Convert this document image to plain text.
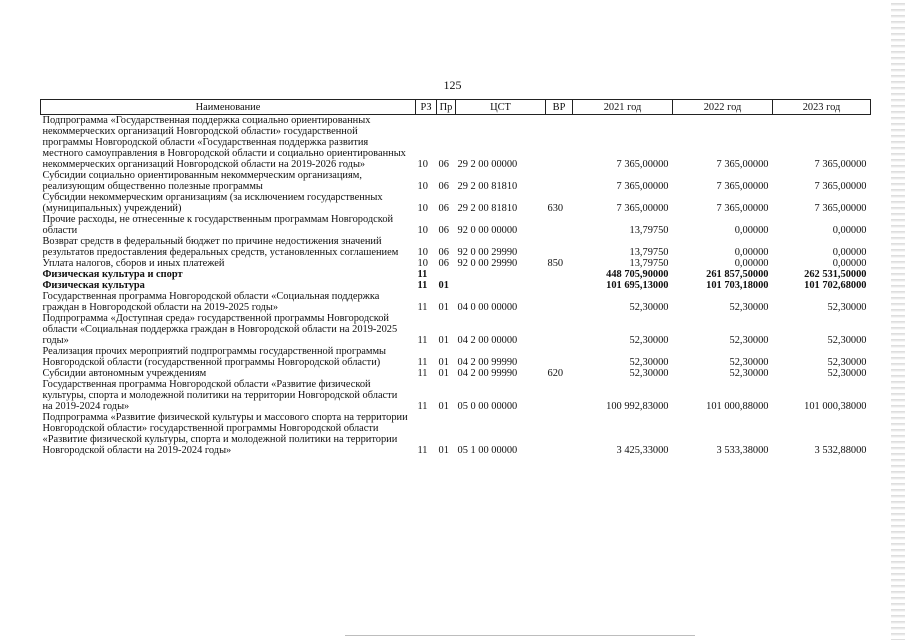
125
Наименование	РЗ	Пр	ЦСТ	ВР	2021 год	2022 год	2023 год
Подпрограмма «Государственная поддержка социально ориентированных некоммерческих организаций Новгородской области» государственной программы Новгородской области «Государственная поддержка развития местного самоуправления в Новгородской области и социально ориентированных некоммерческих организаций Новгородской области на 2019-2026 годы»	10	06	29 2 00 00000		7 365,00000	7 365,00000	7 365,00000
Субсидии социально ориентированным некоммерческим организациям, реализующим общественно полезные программы	10	06	29 2 00 81810		7 365,00000	7 365,00000	7 365,00000
Субсидии некоммерческим организациям (за исключением государственных (муниципальных) учреждений)	10	06	29 2 00 81810	630	7 365,00000	7 365,00000	7 365,00000
Прочие расходы, не отнесенные к государственным программам Новгородской области	10	06	92 0 00 00000		13,79750	0,00000	0,00000
Возврат средств в федеральный бюджет по причине недостижения значений результатов предоставления федеральных средств, установленных соглашением	10	06	92 0 00 29990		13,79750	0,00000	0,00000
Уплата налогов, сборов и иных платежей	10	06	92 0 00 29990	850	13,79750	0,00000	0,00000
Физическая культура и спорт	11				448 705,90000	261 857,50000	262 531,50000
Физическая культура	11	01			101 695,13000	101 703,18000	101 702,68000
Государственная программа Новгородской области «Социальная поддержка граждан в Новгородской области на 2019-2025 годы»	11	01	04 0 00 00000		52,30000	52,30000	52,30000
Подпрограмма «Доступная среда» государственной программы Новгородской области «Социальная поддержка граждан в Новгородской области на 2019-2025 годы»	11	01	04 2 00 00000		52,30000	52,30000	52,30000
Реализация прочих мероприятий подпрограммы государственной программы Новгородской области (государственной программы Новгородской области)	11	01	04 2 00 99990		52,30000	52,30000	52,30000
Субсидии автономным учреждениям	11	01	04 2 00 99990	620	52,30000	52,30000	52,30000
Государственная программа Новгородской области «Развитие физической культуры, спорта и молодежной политики на территории Новгородской области на 2019-2024 годы»	11	01	05 0 00 00000		100 992,83000	101 000,88000	101 000,38000
Подпрограмма «Развитие физической культуры и массового спорта на территории Новгородской области» государственной программы Новгородской области «Развитие физической культуры, спорта и молодежной политики на территории Новгородской области на 2019-2024 годы»	11	01	05 1 00 00000		3 425,33000	3 533,38000	3 532,88000
